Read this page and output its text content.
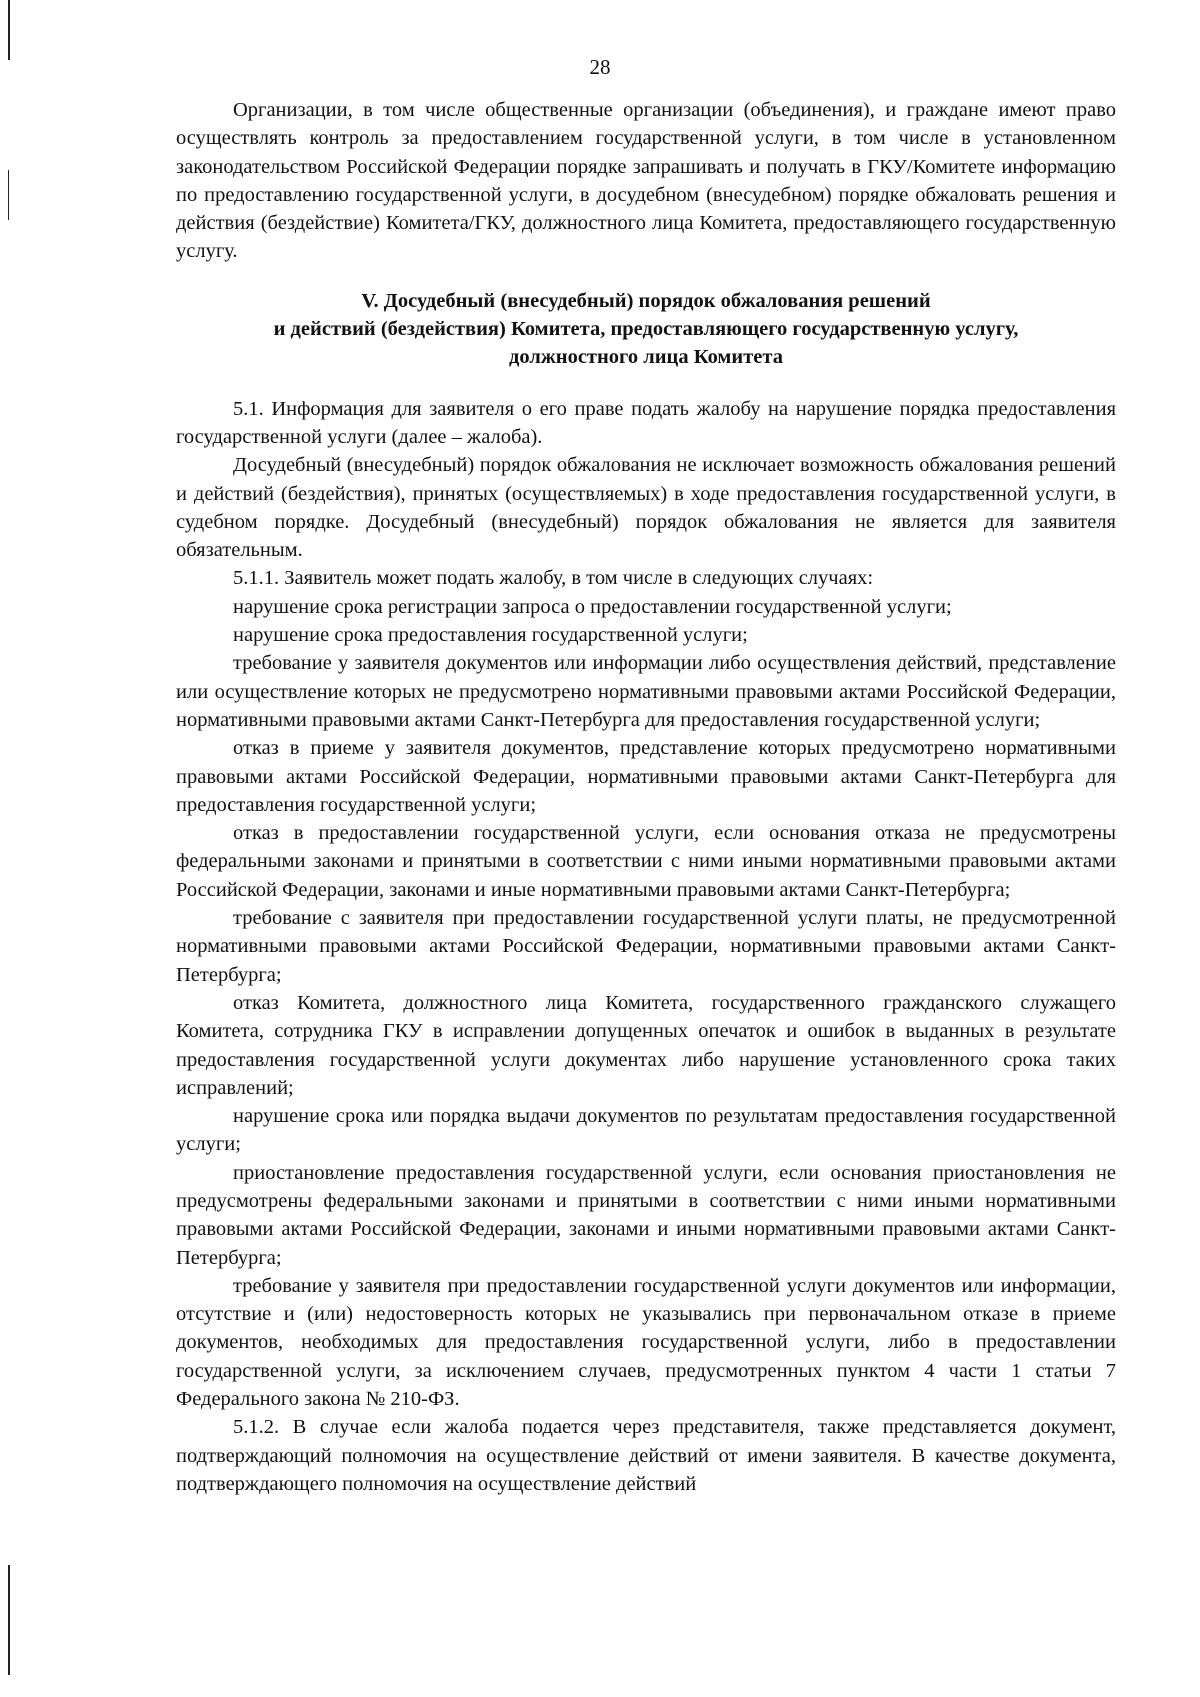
28

Организации, в том числе общественные организации (объединения), и граждане имеют право осуществлять контроль за предоставлением государственной услуги, в том числе в установленном законодательством Российской Федерации порядке запрашивать и получать в ГКУ/Комитете информацию по предоставлению государственной услуги, в досудебном (внесудебном) порядке обжаловать решения и действия (бездействие) Комитета/ГКУ, должностного лица Комитета, предоставляющего государственную услугу.

V. Досудебный (внесудебный) порядок обжалования решений
и действий (бездействия) Комитета, предоставляющего государственную услугу,
должностного лица Комитета

5.1. Информация для заявителя о его праве подать жалобу на нарушение порядка предоставления государственной услуги (далее – жалоба).

Досудебный (внесудебный) порядок обжалования не исключает возможность обжалования решений и действий (бездействия), принятых (осуществляемых) в ходе предоставления государственной услуги, в судебном порядке. Досудебный (внесудебный) порядок обжалования не является для заявителя обязательным.

5.1.1. Заявитель может подать жалобу, в том числе в следующих случаях:

нарушение срока регистрации запроса о предоставлении государственной услуги;

нарушение срока предоставления государственной услуги;

требование у заявителя документов или информации либо осуществления действий, представление или осуществление которых не предусмотрено нормативными правовыми актами Российской Федерации, нормативными правовыми актами Санкт-Петербурга для предоставления государственной услуги;

отказ в приеме у заявителя документов, представление которых предусмотрено нормативными правовыми актами Российской Федерации, нормативными правовыми актами Санкт-Петербурга для предоставления государственной услуги;

отказ в предоставлении государственной услуги, если основания отказа не предусмотрены федеральными законами и принятыми в соответствии с ними иными нормативными правовыми актами Российской Федерации, законами и иные нормативными правовыми актами Санкт-Петербурга;

требование с заявителя при предоставлении государственной услуги платы, не предусмотренной нормативными правовыми актами Российской Федерации, нормативными правовыми актами Санкт-Петербурга;

отказ Комитета, должностного лица Комитета, государственного гражданского служащего Комитета, сотрудника ГКУ в исправлении допущенных опечаток и ошибок в выданных в результате предоставления государственной услуги документах либо нарушение установленного срока таких исправлений;

нарушение срока или порядка выдачи документов по результатам предоставления государственной услуги;

приостановление предоставления государственной услуги, если основания приостановления не предусмотрены федеральными законами и принятыми в соответствии с ними иными нормативными правовыми актами Российской Федерации, законами и иными нормативными правовыми актами Санкт-Петербурга;

требование у заявителя при предоставлении государственной услуги документов или информации, отсутствие и (или) недостоверность которых не указывались при первоначальном отказе в приеме документов, необходимых для предоставления государственной услуги, либо в предоставлении государственной услуги, за исключением случаев, предусмотренных пунктом 4 части 1 статьи 7 Федерального закона № 210-ФЗ.

5.1.2. В случае если жалоба подается через представителя, также представляется документ, подтверждающий полномочия на осуществление действий от имени заявителя. В качестве документа, подтверждающего полномочия на осуществление действий
